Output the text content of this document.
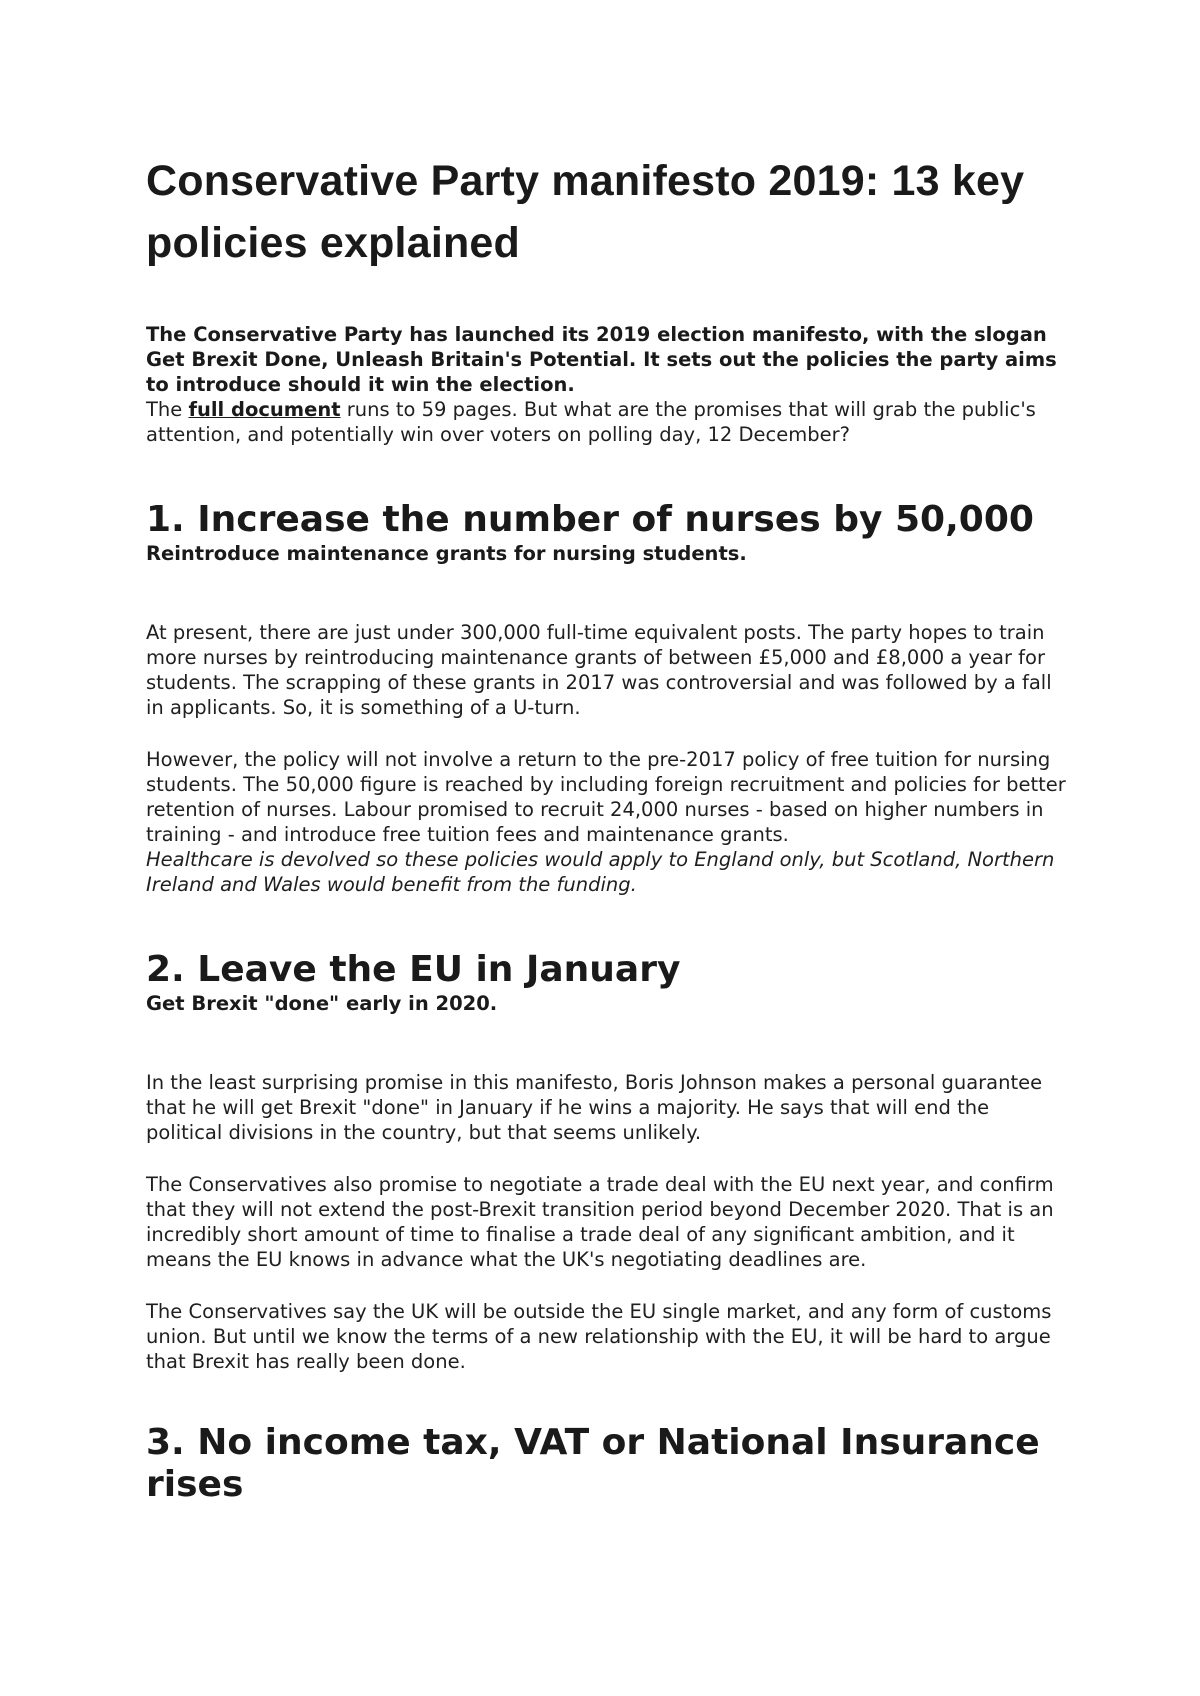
Conservative Party manifesto 2019: 13 key policies explained

The Conservative Party has launched its 2019 election manifesto, with the slogan Get Brexit Done, Unleash Britain's Potential. It sets out the policies the party aims to introduce should it win the election.

The full document runs to 59 pages. But what are the promises that will grab the public's attention, and potentially win over voters on polling day, 12 December?

1. Increase the number of nurses by 50,000

Reintroduce maintenance grants for nursing students.

At present, there are just under 300,000 full-time equivalent posts. The party hopes to train more nurses by reintroducing maintenance grants of between £5,000 and £8,000 a year for students. The scrapping of these grants in 2017 was controversial and was followed by a fall in applicants. So, it is something of a U-turn.

However, the policy will not involve a return to the pre-2017 policy of free tuition for nursing students. The 50,000 figure is reached by including foreign recruitment and policies for better retention of nurses. Labour promised to recruit 24,000 nurses - based on higher numbers in training - and introduce free tuition fees and maintenance grants.

Healthcare is devolved so these policies would apply to England only, but Scotland, Northern Ireland and Wales would benefit from the funding.

2. Leave the EU in January

Get Brexit "done" early in 2020.

In the least surprising promise in this manifesto, Boris Johnson makes a personal guarantee that he will get Brexit "done" in January if he wins a majority. He says that will end the political divisions in the country, but that seems unlikely.

The Conservatives also promise to negotiate a trade deal with the EU next year, and confirm that they will not extend the post-Brexit transition period beyond December 2020. That is an incredibly short amount of time to finalise a trade deal of any significant ambition, and it means the EU knows in advance what the UK's negotiating deadlines are.

The Conservatives say the UK will be outside the EU single market, and any form of customs union. But until we know the terms of a new relationship with the EU, it will be hard to argue that Brexit has really been done.

3. No income tax, VAT or National Insurance rises
